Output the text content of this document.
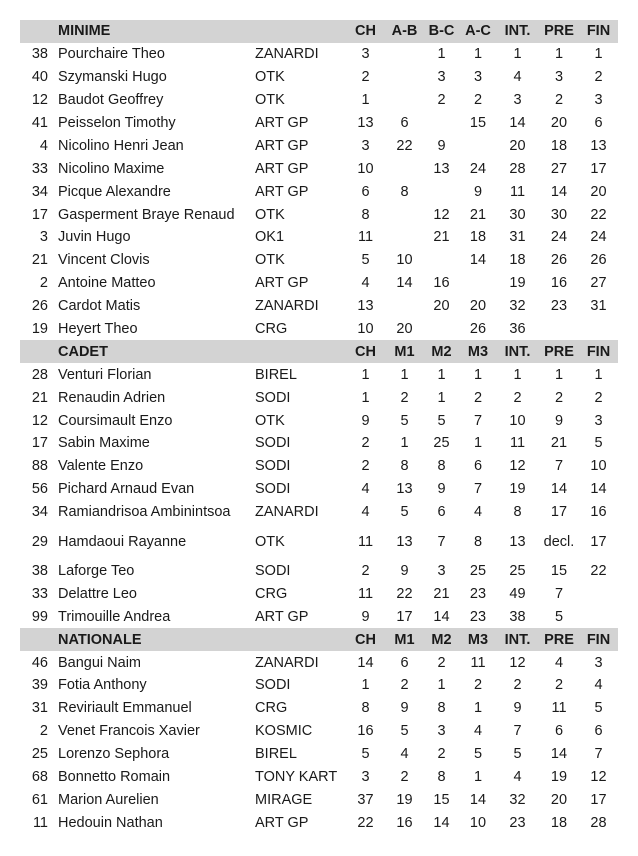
	MINIME		CH	A-B	B-C	A-C	INT.	PRE	FIN
38	Pourchaire Theo	ZANARDI	3		1	1	1	1	1
40	Szymanski Hugo	OTK	2		3	3	4	3	2
12	Baudot Geoffrey	OTK	1		2	2	3	2	3
41	Peisselon Timothy	ART GP	13	6		15	14	20	6
4	Nicolino Henri Jean	ART GP	3	22	9		20	18	13
33	Nicolino Maxime	ART GP	10		13	24	28	27	17
34	Picque Alexandre	ART GP	6	8		9	11	14	20
17	Gasperment Braye Renaud	OTK	8		12	21	30	30	22
3	Juvin Hugo	OK1	11		21	18	31	24	24
21	Vincent Clovis	OTK	5	10		14	18	26	26
2	Antoine Matteo	ART GP	4	14	16		19	16	27
26	Cardot Matis	ZANARDI	13		20	20	32	23	31
19	Heyert Theo	CRG	10	20		26	36		
	CADET		CH	M1	M2	M3	INT.	PRE	FIN
28	Venturi Florian	BIREL	1	1	1	1	1	1	1
21	Renaudin Adrien	SODI	1	2	1	2	2	2	2
12	Coursimault Enzo	OTK	9	5	5	7	10	9	3
17	Sabin Maxime	SODI	2	1	25	1	11	21	5
88	Valente Enzo	SODI	2	8	8	6	12	7	10
56	Pichard Arnaud Evan	SODI	4	13	9	7	19	14	14
34	Ramiandrisoa Ambinintsoa	ZANARDI	4	5	6	4	8	17	16
29	Hamdaoui Rayanne	OTK	11	13	7	8	13	decl.	17
38	Laforge Teo	SODI	2	9	3	25	25	15	22
33	Delattre Leo	CRG	11	22	21	23	49	7	
99	Trimouille Andrea	ART GP	9	17	14	23	38	5	
	NATIONALE		CH	M1	M2	M3	INT.	PRE	FIN
46	Bangui Naim	ZANARDI	14	6	2	11	12	4	3
39	Fotia Anthony	SODI	1	2	1	2	2	2	4
31	Reviriault Emmanuel	CRG	8	9	8	1	9	11	5
2	Venet Francois Xavier	KOSMIC	16	5	3	4	7	6	6
25	Lorenzo Sephora	BIREL	5	4	2	5	5	14	7
68	Bonnetto Romain	TONY KART	3	2	8	1	4	19	12
61	Marion Aurelien	MIRAGE	37	19	15	14	32	20	17
11	Hedouin Nathan	ART GP	22	16	14	10	23	18	28
